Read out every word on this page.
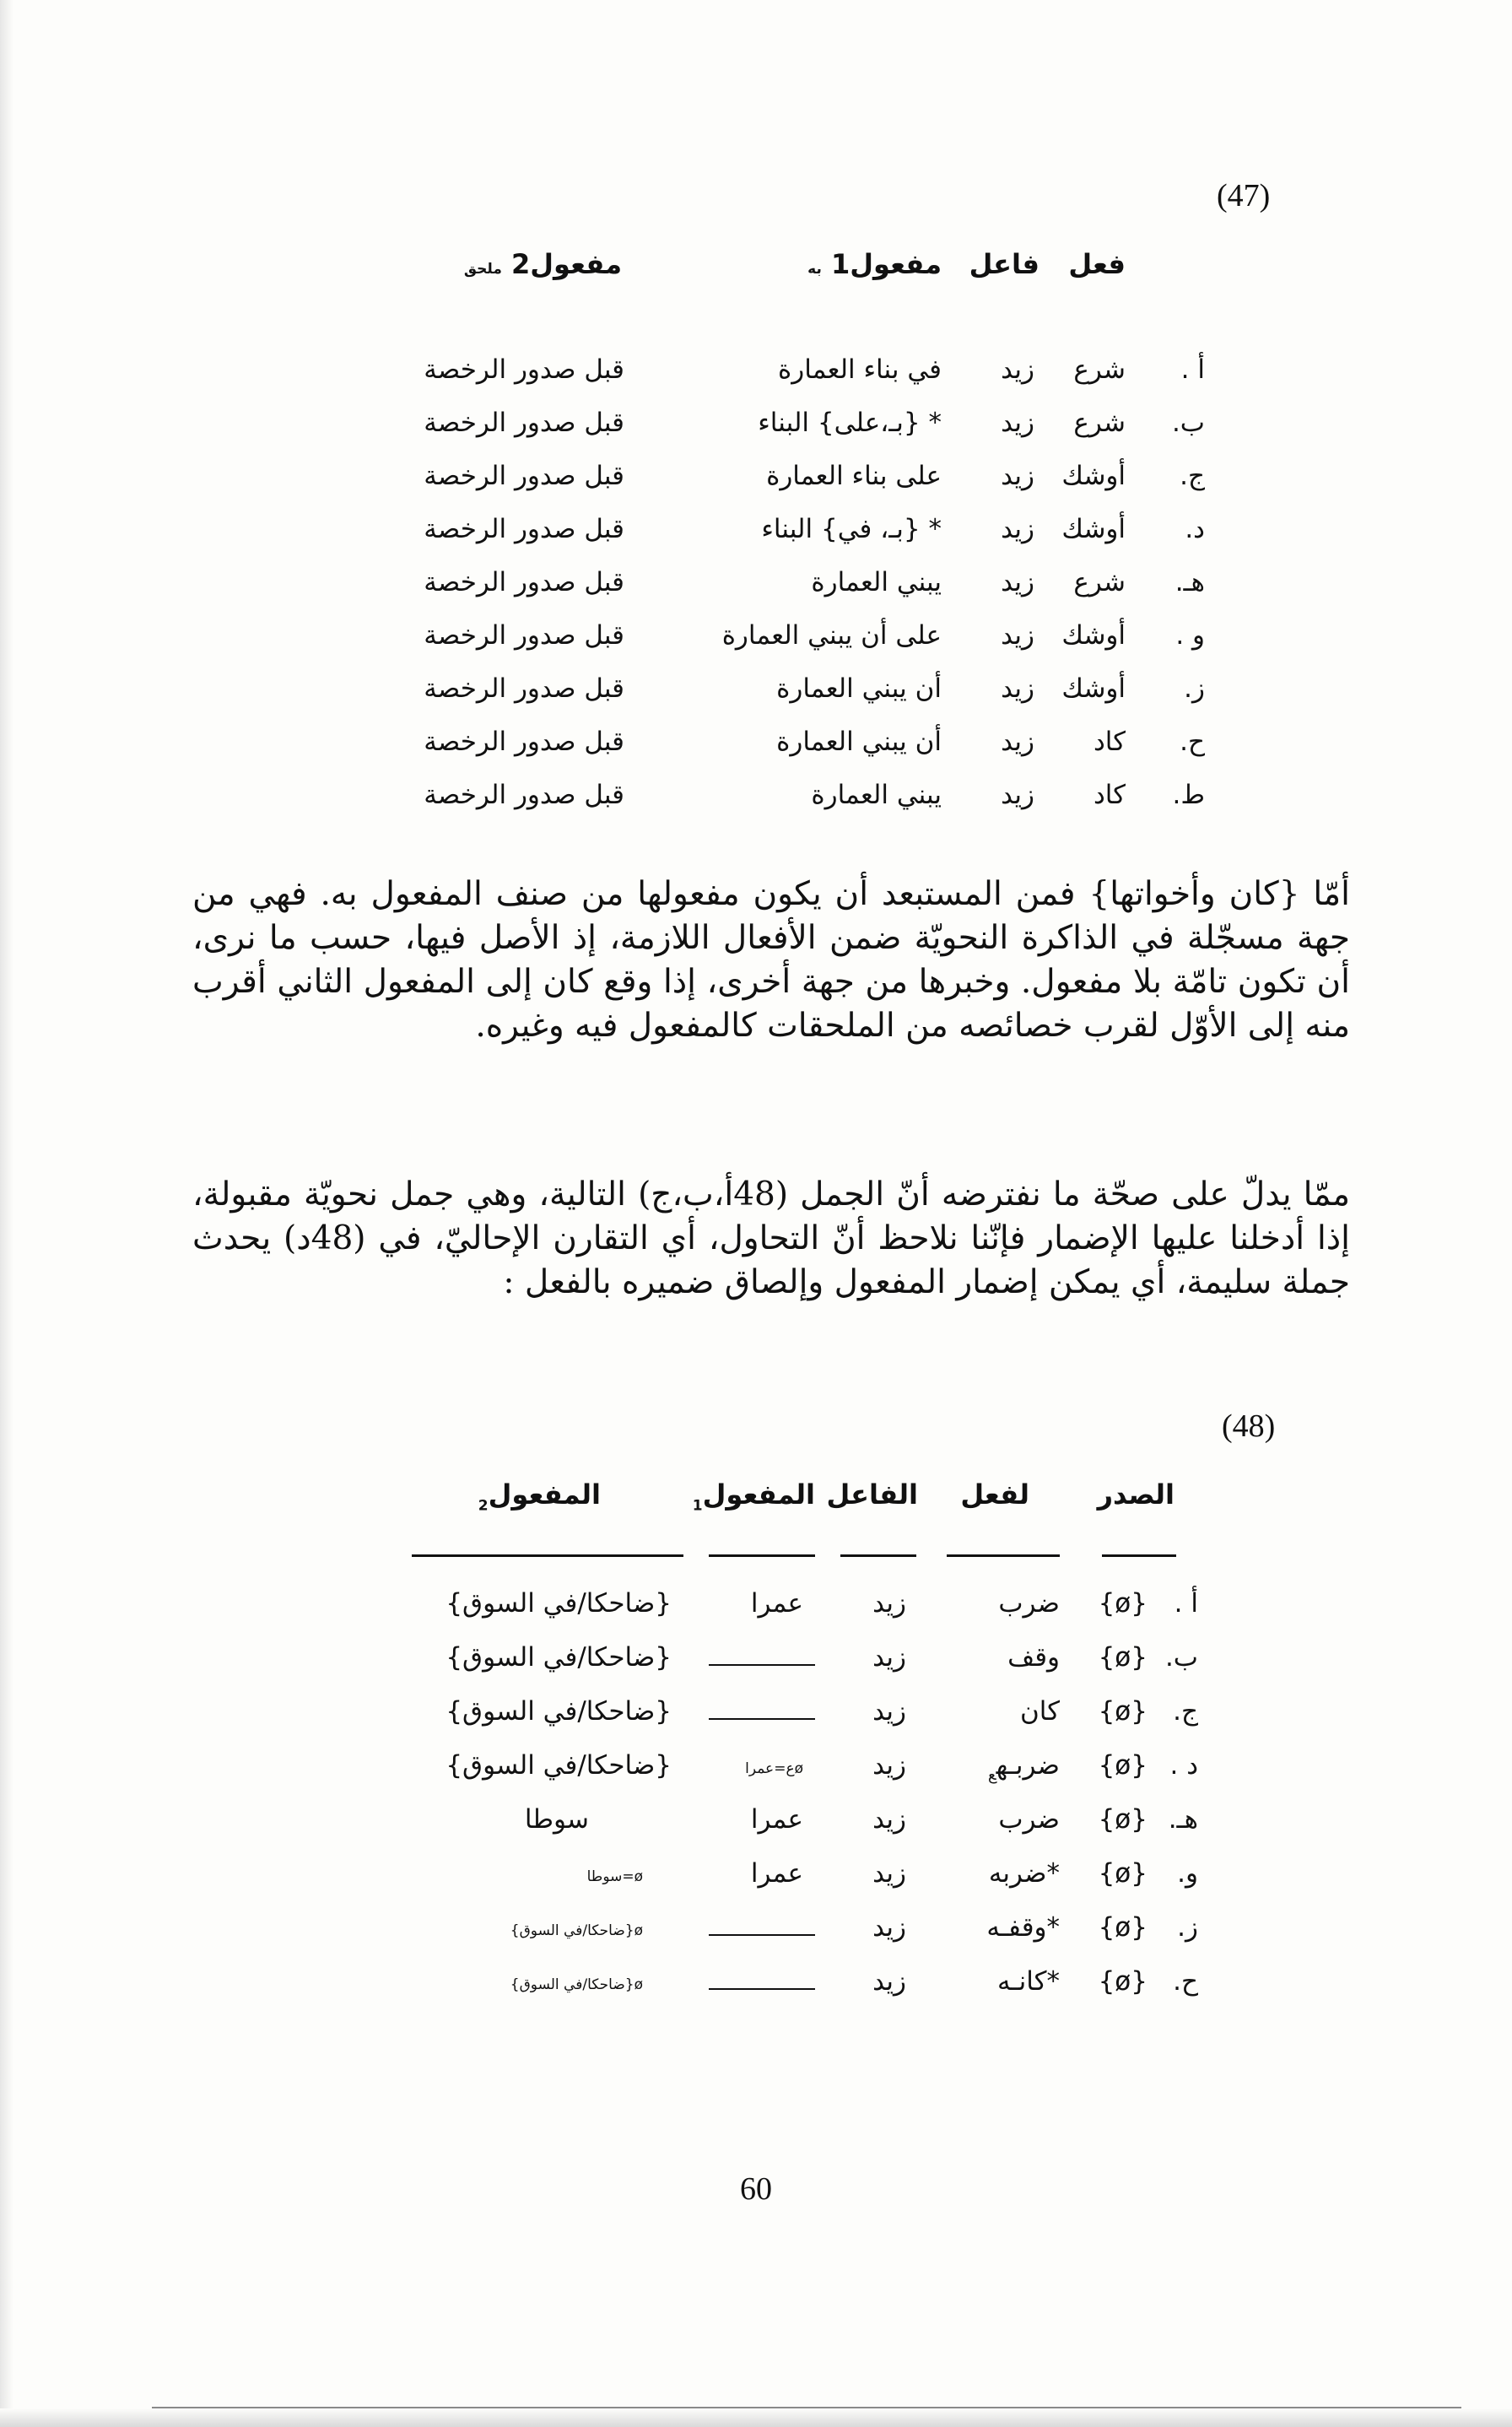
(47)
فعل
فاعل
مفعول1 به
مفعول2 ملحق
أ .
شرع
زيد
في بناء العمارة
قبل صدور الرخصة
ب.
شرع
زيد
* {بـ،على} البناء
قبل صدور الرخصة
ج.
أوشك
زيد
على بناء العمارة
قبل صدور الرخصة
د.
أوشك
زيد
* {بـ، في} البناء
قبل صدور الرخصة
هـ.
شرع
زيد
يبني العمارة
قبل صدور الرخصة
و .
أوشك
زيد
على أن يبني العمارة
قبل صدور الرخصة
ز.
أوشك
زيد
أن يبني العمارة
قبل صدور الرخصة
ح.
كاد
زيد
أن يبني العمارة
قبل صدور الرخصة
ط.
كاد
زيد
يبني العمارة
قبل صدور الرخصة

أمّا {كان وأخواتها} فمن المستبعد أن يكون مفعولها من صنف المفعول به. فهي من جهة مسجّلة في الذاكرة النحويّة ضمن الأفعال اللازمة، إذ الأصل فيها، حسب ما نرى، أن تكون تامّة بلا مفعول. وخبرها من جهة أخرى، إذا وقع كان إلى المفعول الثاني أقرب منه إلى الأوّل لقرب خصائصه من الملحقات كالمفعول فيه وغيره.

ممّا يدلّ على صحّة ما نفترضه أنّ الجمل (48أ،ب،ج) التالية، وهي جمل نحويّة مقبولة، إذا أدخلنا عليها الإضمار فإنّنا نلاحظ أنّ التحاول، أي التقارن الإحاليّ، في (48د) يحدث جملة سليمة، أي يمكن إضمار المفعول وإلصاق ضميره بالفعل :

(48)
الصدر
لفعل
الفاعل
المفعول$_1$
المفعول$_2$
أ .
{ø}
ضرب
زيد
عمرا
{ضاحكا/في السوق}
ب.
{ø}
وقف
زيد
{ضاحكا/في السوق}
ج.
{ø}
كان
زيد
{ضاحكا/في السوق}
د .
{ø}
ضربـه$_ع$
زيد
øع=عمرا
{ضاحكا/في السوق}
هـ.
{ø}
ضرب
زيد
عمرا
سوطا
و.
{ø}
*ضربه
زيد
عمرا
ø=سوطا
ز.
{ø}
*وقفـه
زيد
ø{ضاحكا/في السوق}
ح.
{ø}
*كانـه
زيد
ø{ضاحكا/في السوق}
60
